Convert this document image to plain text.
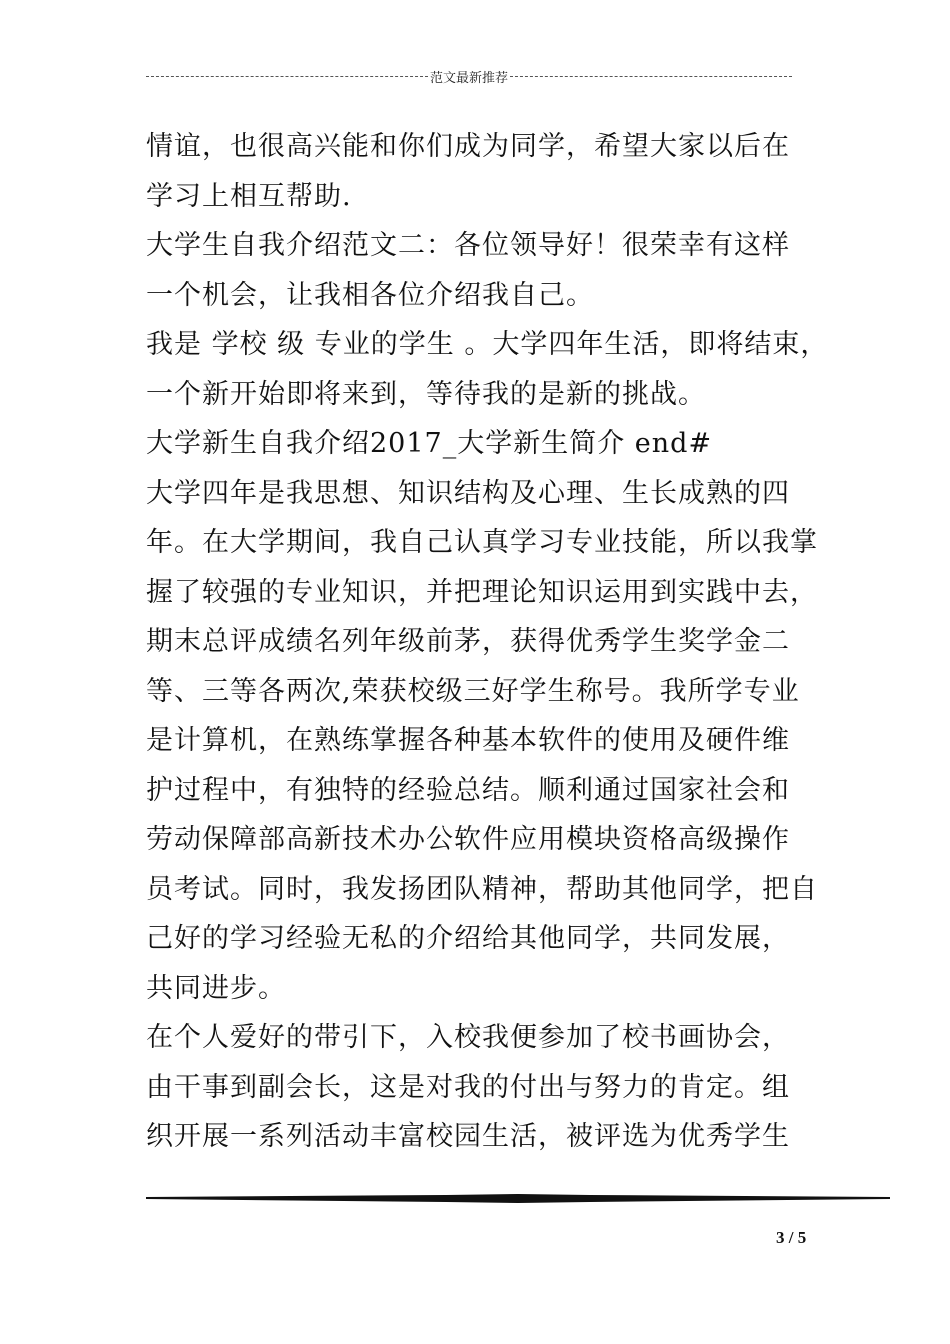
范文最新推荐
情谊，也很高兴能和你们成为同学，希望大家以后在
学习上相互帮助.
大学生自我介绍范文二：各位领导好！很荣幸有这样
一个机会，让我相各位介绍我自己。
我是 学校 级 专业的学生 。大学四年生活，即将结束，
一个新开始即将来到，等待我的是新的挑战。
大学新生自我介绍2017_大学新生简介 end#
大学四年是我思想、知识结构及心理、生长成熟的四
年。在大学期间，我自己认真学习专业技能，所以我掌
握了较强的专业知识，并把理论知识运用到实践中去，
期末总评成绩名列年级前茅，获得优秀学生奖学金二
等、三等各两次,荣获校级三好学生称号。我所学专业
是计算机，在熟练掌握各种基本软件的使用及硬件维
护过程中，有独特的经验总结。顺利通过国家社会和
劳动保障部高新技术办公软件应用模块资格高级操作
员考试。同时，我发扬团队精神，帮助其他同学，把自
己好的学习经验无私的介绍给其他同学，共同发展，
共同进步。
在个人爱好的带引下，入校我便参加了校书画协会，
由干事到副会长，这是对我的付出与努力的肯定。组
织开展一系列活动丰富校园生活，被评选为优秀学生
3 / 5
